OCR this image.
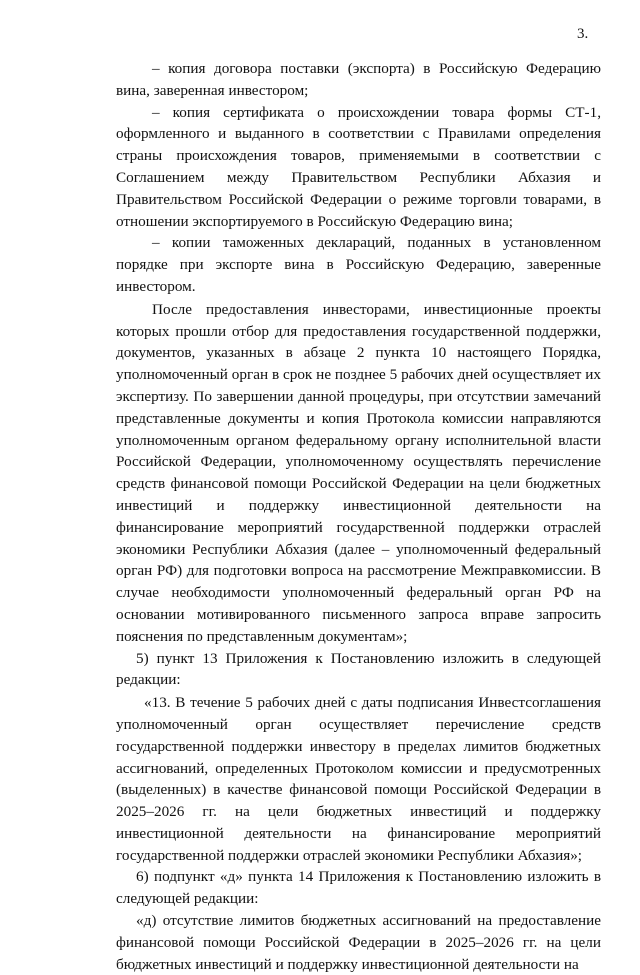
3.

– копия договора поставки (экспорта) в Российскую Федерацию вина, заверенная инвестором;

– копия сертификата о происхождении товара формы СТ-1, оформленного и выданного в соответствии с Правилами определения страны происхождения товаров, применяемыми в соответствии с Соглашением между Правительством Республики Абхазия и Правительством Российской Федерации о режиме торговли товарами, в отношении экспортируемого в Российскую Федерацию вина;

– копии таможенных деклараций, поданных в установленном порядке при экспорте вина в Российскую Федерацию, заверенные инвестором.

После предоставления инвесторами, инвестиционные проекты которых прошли отбор для предоставления государственной поддержки, документов, указанных в абзаце 2 пункта 10 настоящего Порядка, уполномоченный орган в срок не позднее 5 рабочих дней осуществляет их экспертизу. По завершении данной процедуры, при отсутствии замечаний представленные документы и копия Протокола комиссии направляются уполномоченным органом федеральному органу исполнительной власти Российской Федерации, уполномоченному осуществлять перечисление средств финансовой помощи Российской Федерации на цели бюджетных инвестиций и поддержку инвестиционной деятельности на финансирование мероприятий государственной поддержки отраслей экономики Республики Абхазия (далее – уполномоченный федеральный орган РФ) для подготовки вопроса на рассмотрение Межправкомиссии. В случае необходимости уполномоченный федеральный орган РФ на основании мотивированного письменного запроса вправе запросить пояснения по представленным документам»;

5) пункт 13 Приложения к Постановлению изложить в следующей редакции:

«13. В течение 5 рабочих дней с даты подписания Инвестсоглашения уполномоченный орган осуществляет перечисление средств государственной поддержки инвестору в пределах лимитов бюджетных ассигнований, определенных Протоколом комиссии и предусмотренных (выделенных) в качестве финансовой помощи Российской Федерации в 2025–2026 гг. на цели бюджетных инвестиций и поддержку инвестиционной деятельности на финансирование мероприятий государственной поддержки отраслей экономики Республики Абхазия»;

6) подпункт «д» пункта 14 Приложения к Постановлению изложить в следующей редакции:

«д) отсутствие лимитов бюджетных ассигнований на предоставление финансовой помощи Российской Федерации в 2025–2026 гг. на цели бюджетных инвестиций и поддержку инвестиционной деятельности на
